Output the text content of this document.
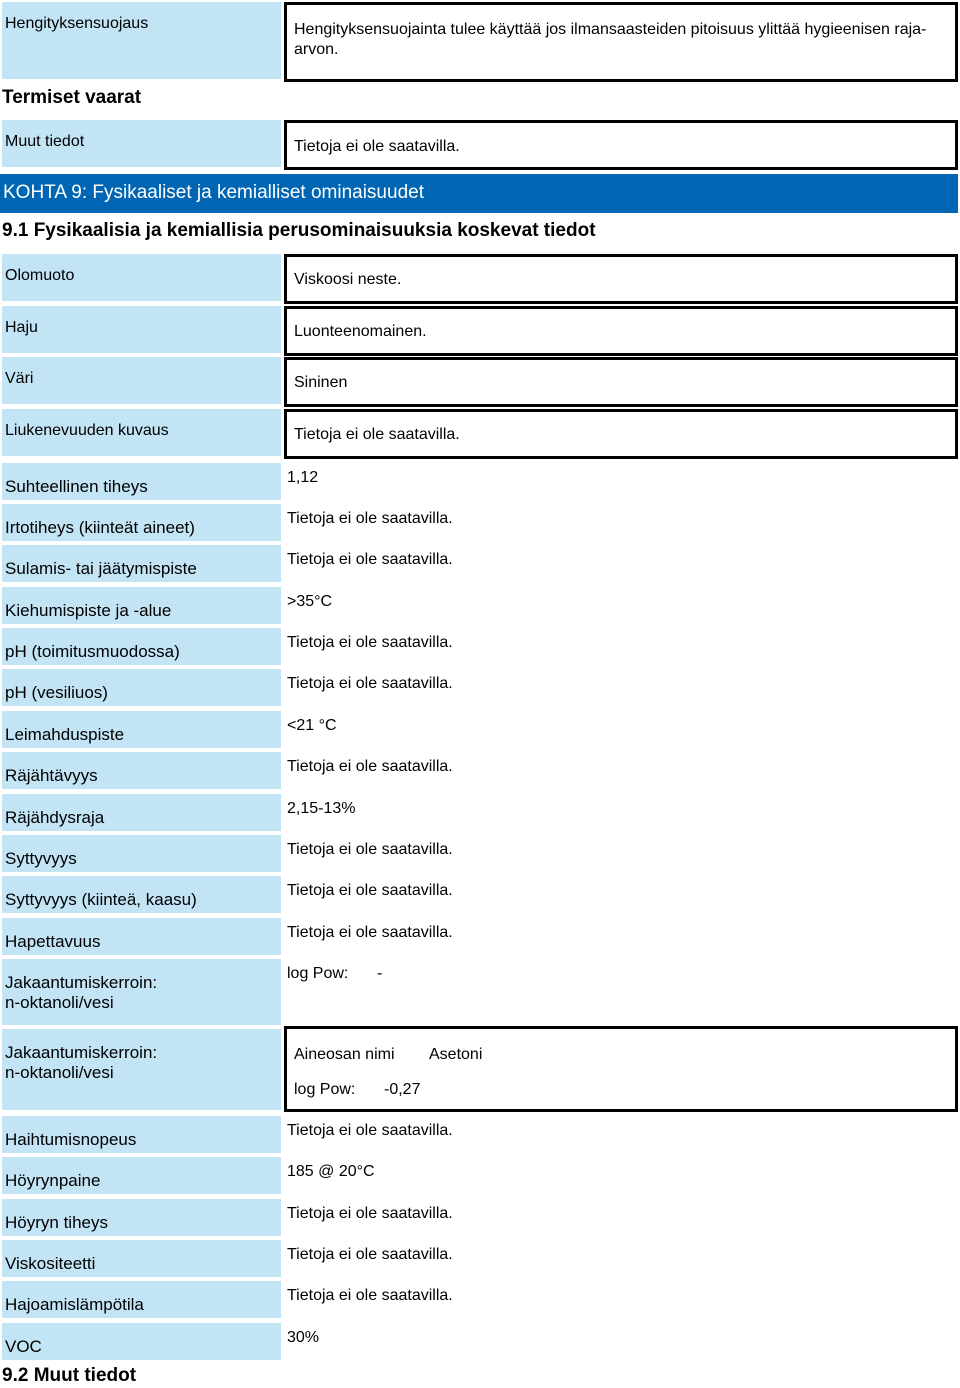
Hengityksensuojaus	Hengityksensuojainta tulee käyttää jos ilmansaasteiden pitoisuus ylittää hygieenisen raja-arvon.
Termiset vaarat
Muut tiedot	Tietoja ei ole saatavilla.
KOHTA 9: Fysikaaliset ja kemialliset ominaisuudet
9.1 Fysikaalisia ja kemiallisia perusominaisuuksia koskevat tiedot
Olomuoto	Viskoosi neste.
Haju	Luonteenomainen.
Väri	Sininen
Liukenevuuden kuvaus	Tietoja ei ole saatavilla.
Suhteellinen tiheys	1,12
Irtotiheys (kiinteät aineet)	Tietoja ei ole saatavilla.
Sulamis- tai jäätymispiste	Tietoja ei ole saatavilla.
Kiehumispiste ja -alue	>35°C
pH (toimitusmuodossa)	Tietoja ei ole saatavilla.
pH (vesiliuos)	Tietoja ei ole saatavilla.
Leimahduspiste	<21 °C
Räjähtävyys	Tietoja ei ole saatavilla.
Räjähdysraja	2,15-13%
Syttyvyys	Tietoja ei ole saatavilla.
Syttyvyys (kiinteä, kaasu)	Tietoja ei ole saatavilla.
Hapettavuus	Tietoja ei ole saatavilla.
Jakaantumiskerroin:
n-oktanoli/vesi
log Pow:	-
Jakaantumiskerroin:
n-oktanoli/vesi
Aineosan nimi	Asetoni
log Pow:	-0,27
Haihtumisnopeus	Tietoja ei ole saatavilla.
Höyrynpaine	185 @ 20°C
Höyryn tiheys	Tietoja ei ole saatavilla.
Viskositeetti	Tietoja ei ole saatavilla.
Hajoamislämpötila	Tietoja ei ole saatavilla.
VOC	30%
9.2 Muut tiedot
